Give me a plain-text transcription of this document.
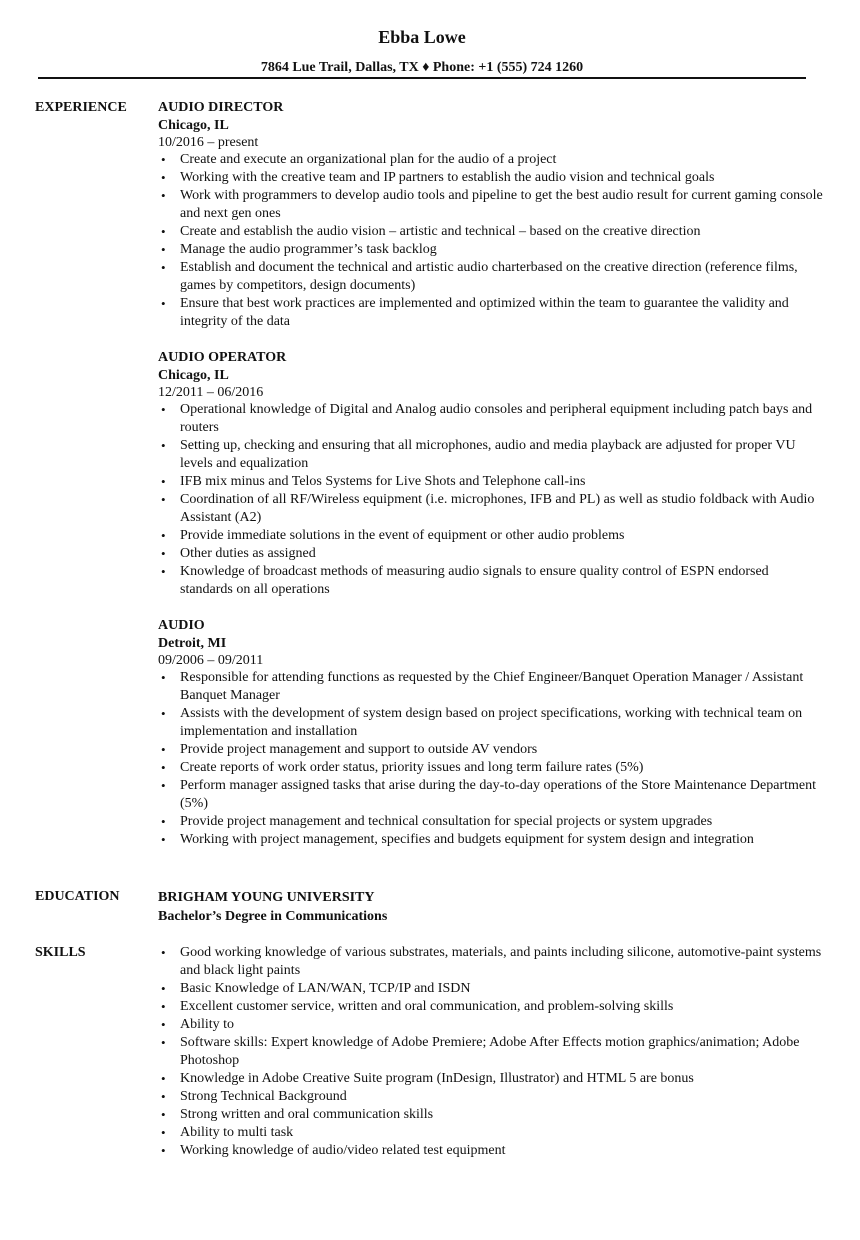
Ebba Lowe
7864 Lue Trail, Dallas, TX ♦ Phone: +1 (555) 724 1260
EXPERIENCE AUDIO DIRECTOR
Chicago, IL
10/2016 – present
• Create and execute an organizational plan for the audio of a project
• Working with the creative team and IP partners to establish the audio vision and technical goals
• Work with programmers to develop audio tools and pipeline to get the best audio result for current gaming console and next gen ones
• Create and establish the audio vision – artistic and technical – based on the creative direction
• Manage the audio programmer’s task backlog
• Establish and document the technical and artistic audio charterbased on the creative direction (reference films, games by competitors, design documents)
• Ensure that best work practices are implemented and optimized within the team to guarantee the validity and integrity of the data
AUDIO OPERATOR
Chicago, IL
12/2011 – 06/2016
• Operational knowledge of Digital and Analog audio consoles and peripheral equipment including patch bays and routers
• Setting up, checking and ensuring that all microphones, audio and media playback are adjusted for proper VU levels and equalization
• IFB mix minus and Telos Systems for Live Shots and Telephone call-ins
• Coordination of all RF/Wireless equipment (i.e. microphones, IFB and PL) as well as studio foldback with Audio Assistant (A2)
• Provide immediate solutions in the event of equipment or other audio problems
• Other duties as assigned
• Knowledge of broadcast methods of measuring audio signals to ensure quality control of ESPN endorsed standards on all operations
AUDIO
Detroit, MI
09/2006 – 09/2011
• Responsible for attending functions as requested by the Chief Engineer/Banquet Operation Manager / Assistant Banquet Manager
• Assists with the development of system design based on project specifications, working with technical team on implementation and installation
• Provide project management and support to outside AV vendors
• Create reports of work order status, priority issues and long term failure rates (5%)
• Perform manager assigned tasks that arise during the day-to-day operations of the Store Maintenance Department (5%)
• Provide project management and technical consultation for special projects or system upgrades
• Working with project management, specifies and budgets equipment for system design and integration
EDUCATION	BRIGHAM YOUNG UNIVERSITY
Bachelor’s Degree in Communications
SKILLS
•	Good working knowledge of various substrates, materials, and paints including silicone, automotive-paint systems and black light paints
• Basic Knowledge of LAN/WAN, TCP/IP and ISDN
• Excellent customer service, written and oral communication, and problem-solving skills
• Ability to
• Software skills: Expert knowledge of Adobe Premiere; Adobe After Effects motion graphics/animation; Adobe Photoshop
• Knowledge in Adobe Creative Suite program (InDesign, Illustrator) and HTML 5 are bonus
• Strong Technical Background
• Strong written and oral communication skills
• Ability to multi task
• Working knowledge of audio/video related test equipment
